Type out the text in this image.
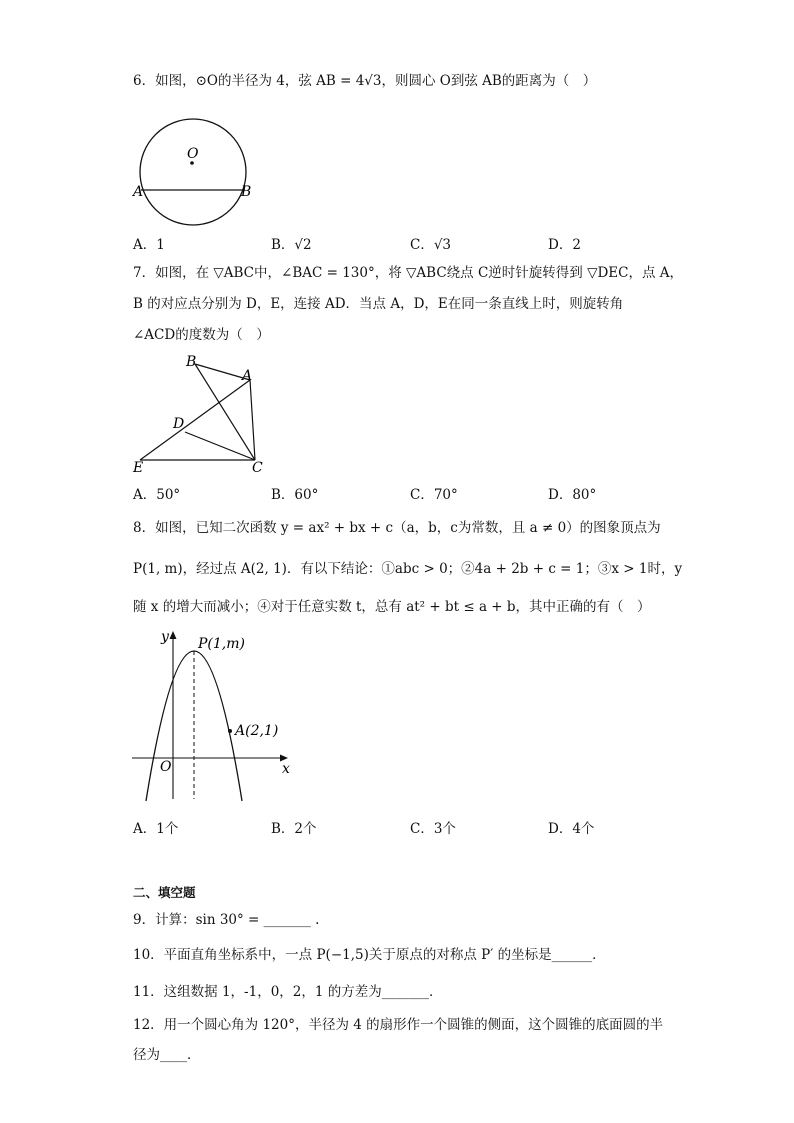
6．如图，⊙O的半径为 4，弦 AB = 4√3，则圆心 O到弦 AB的距离为（　）
O
A	B
A．1	B．√2	C．√3	D．2
7．如图，在 ▽ABC中，∠BAC = 130°，将 ▽ABC绕点 C逆时针旋转得到 ▽DEC，点 A，
B 的对应点分别为 D，E，连接 AD．当点 A，D，E在同一条直线上时，则旋转角
∠ACD的度数为（　）
B
A
D
E	C
A．50°	B．60°	C．70°	D．80°
8．如图，已知二次函数 y = ax² + bx + c（a，b，c为常数，且 a ≠ 0）的图象顶点为
P(1, m)，经过点 A(2, 1)．有以下结论：①abc > 0；②4a + 2b + c = 1；③x > 1时，y
随 x 的增大而减小；④对于任意实数 t，总有 at² + bt ≤ a + b，其中正确的有（　）
y
x
O
P(1,m)
A(2,1)
A．1个	B．2个	C．3个	D．4个
二、填空题
9．计算：sin 30° = _______ .
10．平面直角坐标系中，一点 P(−1,5)关于原点的对称点 P′ 的坐标是______．
11．这组数据 1，-1，0，2，1 的方差为_______．
12．用一个圆心角为 120°，半径为 4 的扇形作一个圆锥的侧面，这个圆锥的底面圆的半
径为____．
